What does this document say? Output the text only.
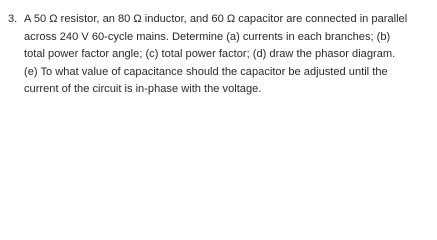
3. A 50 Ω resistor, an 80 Ω inductor, and 60 Ω capacitor are connected in parallel
across 240 V 60-cycle mains. Determine (a) currents in each branches; (b)
total power factor angle; (c) total power factor; (d) draw the phasor diagram.
(e) To what value of capacitance should the capacitor be adjusted until the
current of the circuit is in-phase with the voltage.
